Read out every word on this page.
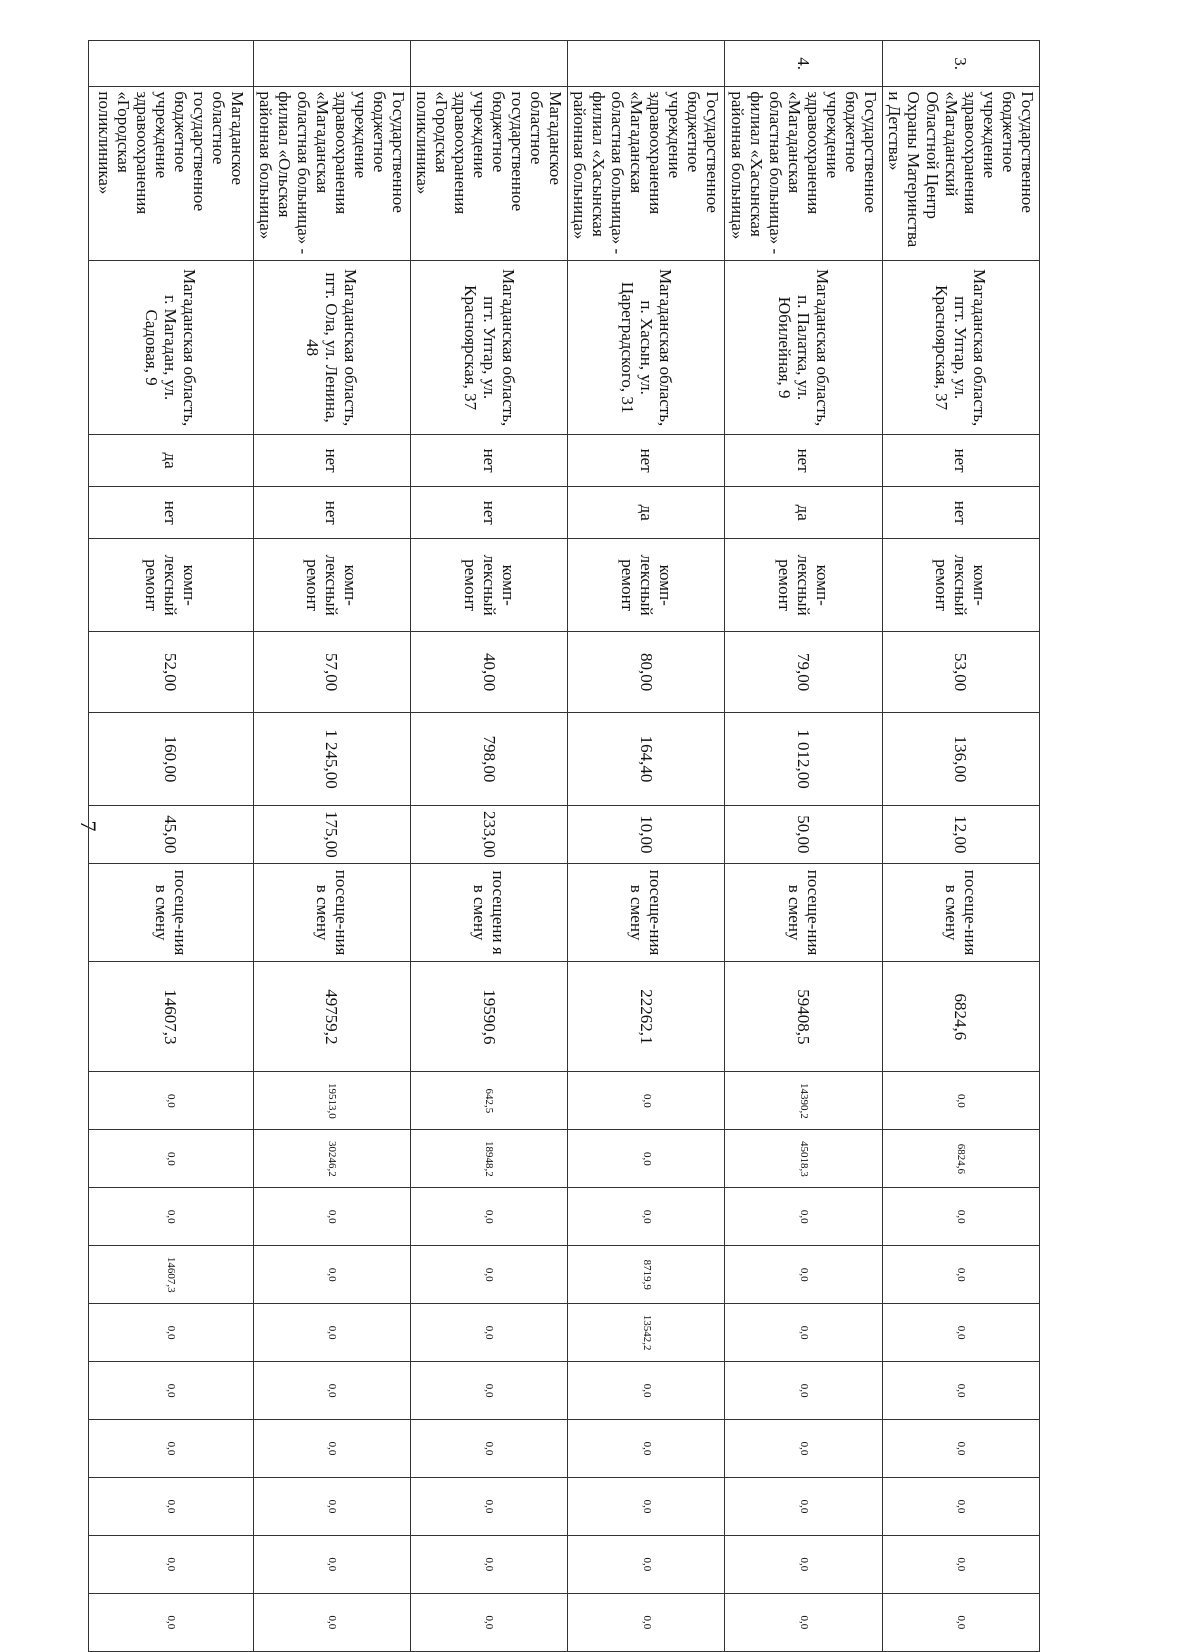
7
3.	Государственное бюджетное учреждение здравоохранения «Магаданский Областной Центр Охраны Материнства и Детства»	Магаданская область, пгт. Уптар, ул. Красноярская, 37	нет	нет	комп-лексный ремонт	53,00	136,00	12,00	посеще-ния в смену	6824,6	0,0	6824,6	0,0	0,0	0,0	0,0	0,0	0,0	0,0	0,0
4.	Государственное бюджетное учреждение здравоохранения «Магаданская областная больница» - филиал «Хасынская районная больница»	Магаданская область, п. Палатка, ул. Юбилейная, 9	нет	да	комп-лексный ремонт	79,00	1 012,00	50,00	посеще-ния в смену	59408,5	14390,2	45018,3	0,0	0,0	0,0	0,0	0,0	0,0	0,0	0,0
	Государственное бюджетное учреждение здравоохранения «Магаданская областная больница» - филиал «Хасынская районная больница»	Магаданская область, п. Хасын, ул. Цареградского, 31	нет	да	комп-лексный ремонт	80,00	164,40	10,00	посеще-ния в смену	22262,1	0,0	0,0	0,0	8719,9	13542,2	0,0	0,0	0,0	0,0	0,0
	Магаданское областное государственное бюджетное учреждение здравоохранения «Городская поликлиника»	Магаданская область, пгт. Уптар, ул. Красноярская, 37	нет	нет	комп-лексный ремонт	40,00	798,00	233,00	посещени я в смену	19590,6	642,5	18948,2	0,0	0,0	0,0	0,0	0,0	0,0	0,0	0,0
	Государственное бюджетное учреждение здравоохранения «Магаданская областная больница» - филиал «Ольская районная больница»	Магаданская область, пгт. Ола, ул. Ленина, 48	нет	нет	комп-лексный ремонт	57,00	1 245,00	175,00	посеще-ния в смену	49759,2	19513,0	30246,2	0,0	0,0	0,0	0,0	0,0	0,0	0,0	0,0
	Магаданское областное государственное бюджетное учреждение здравоохранения «Городская поликлиника»	Магаданская область, г. Магадан, ул. Садовая, 9	да	нет	комп-лексный ремонт	52,00	160,00	45,00	посеще-ния в смену	14607,3	0,0	0,0	0,0	14607,3	0,0	0,0	0,0	0,0	0,0	0,0
